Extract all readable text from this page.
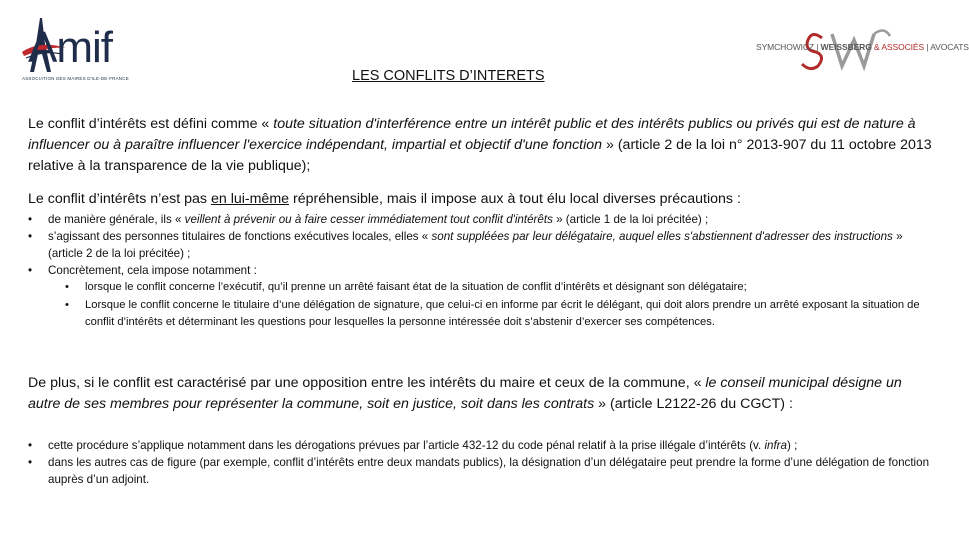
Amif
ASSOCIATION DES MAIRES D'ILE-DE-FRANCE
SYMCHOWICZ | WEISSBERG & ASSOCIÉS | AVOCATS
LES CONFLITS D’INTERETS
Le conflit d’intérêts est défini comme « toute situation d'interférence entre un intérêt public et des intérêts publics ou privés qui est de nature à influencer ou à paraître influencer l'exercice indépendant, impartial et objectif d'une fonction » (article 2 de la loi n° 2013-907 du 11 octobre 2013 relative à la transparence de la vie publique);
Le conflit d’intérêts n’est pas en lui-même répréhensible, mais il impose aux à tout élu local diverses précautions :
• de manière générale, ils « veillent à prévenir ou à faire cesser immédiatement tout conflit d'intérêts » (article 1 de la loi précitée) ;
• s’agissant des personnes titulaires de fonctions exécutives locales, elles « sont suppléées par leur délégataire, auquel elles s'abstiennent d'adresser des instructions » (article 2 de la loi précitée) ;
• Concrètement, cela impose notamment :
• lorsque le conflit concerne l’exécutif, qu’il prenne un arrêté faisant état de la situation de conflit d’intérêts et désignant son délégataire;
• Lorsque le conflit concerne le titulaire d’une délégation de signature, que celui-ci en informe par écrit le délégant, qui doit alors prendre un arrêté exposant la situation de conflit d’intérêts et déterminant les questions pour lesquelles la personne intéressée doit s’abstenir d’exercer ses compétences.
De plus, si le conflit est caractérisé par une opposition entre les intérêts du maire et ceux de la commune, « le conseil municipal désigne un autre de ses membres pour représenter la commune, soit en justice, soit dans les contrats » (article L2122-26 du CGCT) :
• cette procédure s’applique notamment dans les dérogations prévues par l’article 432-12 du code pénal relatif à la prise illégale d’intérêts (v. infra) ;
• dans les autres cas de figure (par exemple, conflit d’intérêts entre deux mandats publics), la désignation d’un délégataire peut prendre la forme d’une délégation de fonction auprès d’un adjoint.
